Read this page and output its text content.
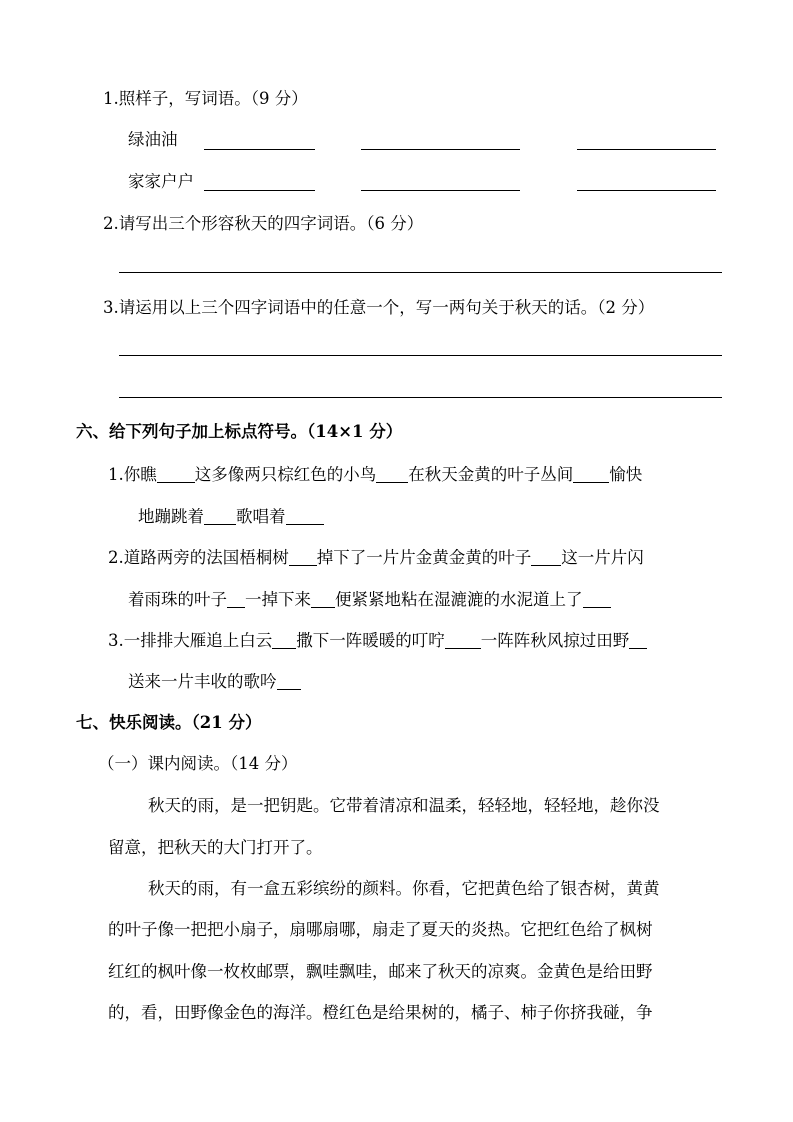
1.照样子，写词语。（9 分）
绿油油
家家户户
2.请写出三个形容秋天的四字词语。（6 分）
3.请运用以上三个四字词语中的任意一个，写一两句关于秋天的话。（2 分）
六、给下列句子加上标点符号。（14×1 分）
1.你瞧 这多像两只棕红色的小鸟 在秋天金黄的叶子丛间 愉快
地蹦跳着 歌唱着
2.道路两旁的法国梧桐树 掉下了一片片金黄金黄的叶子 这一片片闪
着雨珠的叶子 一掉下来 便紧紧地粘在湿漉漉的水泥道上了
3.一排排大雁追上白云 撒下一阵暖暖的叮咛 一阵阵秋风掠过田野
送来一片丰收的歌吟
七、快乐阅读。（21 分）
（一）课内阅读。（14 分）
秋天的雨，是一把钥匙。它带着清凉和温柔，轻轻地，轻轻地，趁你没
留意，把秋天的大门打开了。
秋天的雨，有一盒五彩缤纷的颜料。你看，它把黄色给了银杏树，黄黄
的叶子像一把把小扇子，扇哪扇哪，扇走了夏天的炎热。它把红色给了枫树
红红的枫叶像一枚枚邮票，飘哇飘哇，邮来了秋天的凉爽。金黄色是给田野
的，看，田野像金色的海洋。橙红色是给果树的，橘子、柿子你挤我碰，争
